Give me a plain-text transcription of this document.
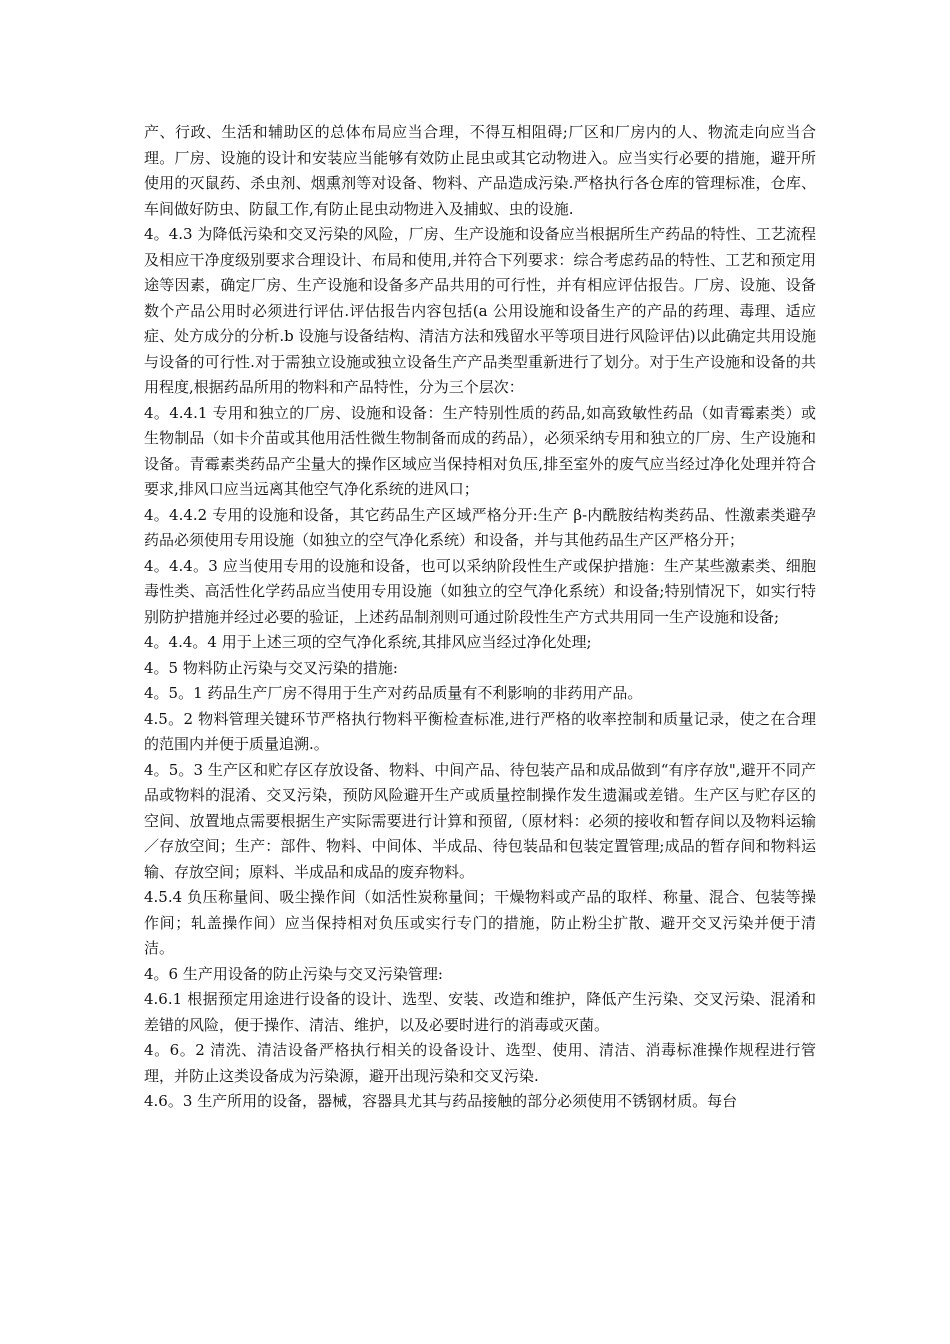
产、行政、生活和辅助区的总体布局应当合理，不得互相阻碍;厂区和厂房内的人、物流走向应当合理。厂房、设施的设计和安装应当能够有效防止昆虫或其它动物进入。应当实行必要的措施，避开所使用的灭鼠药、杀虫剂、烟熏剂等对设备、物料、产品造成污染.严格执行各仓库的管理标准，仓库、车间做好防虫、防鼠工作,有防止昆虫动物进入及捕蚁、虫的设施.

4。4.3 为降低污染和交叉污染的风险，厂房、生产设施和设备应当根据所生产药品的特性、工艺流程及相应干净度级别要求合理设计、布局和使用,并符合下列要求：综合考虑药品的特性、工艺和预定用途等因素，确定厂房、生产设施和设备多产品共用的可行性，并有相应评估报告。厂房、设施、设备数个产品公用时必须进行评估.评估报告内容包括(a 公用设施和设备生产的产品的药理、毒理、适应症、处方成分的分析.b 设施与设备结构、清洁方法和残留水平等项目进行风险评估)以此确定共用设施与设备的可行性.对于需独立设施或独立设备生产产品类型重新进行了划分。对于生产设施和设备的共用程度,根据药品所用的物料和产品特性，分为三个层次：

4。4.4.1 专用和独立的厂房、设施和设备：生产特别性质的药品,如高致敏性药品（如青霉素类）或生物制品（如卡介苗或其他用活性微生物制备而成的药品），必须采纳专用和独立的厂房、生产设施和设备。青霉素类药品产尘量大的操作区域应当保持相对负压,排至室外的废气应当经过净化处理并符合要求,排风口应当远离其他空气净化系统的进风口；

4。4.4.2 专用的设施和设备，其它药品生产区域严格分开:生产 β-内酰胺结构类药品、性激素类避孕药品必须使用专用设施（如独立的空气净化系统）和设备，并与其他药品生产区严格分开；

4。4.4。3 应当使用专用的设施和设备，也可以采纳阶段性生产或保护措施：生产某些激素类、细胞毒性类、高活性化学药品应当使用专用设施（如独立的空气净化系统）和设备;特别情况下，如实行特别防护措施并经过必要的验证，上述药品制剂则可通过阶段性生产方式共用同一生产设施和设备;

4。4.4。4 用于上述三项的空气净化系统,其排风应当经过净化处理;

4。5 物料防止污染与交叉污染的措施:

4。5。1 药品生产厂房不得用于生产对药品质量有不利影响的非药用产品。

4.5。2 物料管理关键环节严格执行物料平衡检查标准,进行严格的收率控制和质量记录，使之在合理的范围内并便于质量追溯.。

4。5。3 生产区和贮存区存放设备、物料、中间产品、待包装产品和成品做到“有序存放",避开不同产品或物料的混淆、交叉污染，预防风险避开生产或质量控制操作发生遗漏或差错。生产区与贮存区的空间、放置地点需要根据生产实际需要进行计算和预留,（原材料：必须的接收和暂存间以及物料运输／存放空间；生产：部件、物料、中间体、半成品、待包装品和包装定置管理;成品的暂存间和物料运输、存放空间；原料、半成品和成品的废弃物料。

4.5.4 负压称量间、吸尘操作间（如活性炭称量间；干燥物料或产品的取样、称量、混合、包装等操作间；轧盖操作间）应当保持相对负压或实行专门的措施，防止粉尘扩散、避开交叉污染并便于清洁。

4。6 生产用设备的防止污染与交叉污染管理:

4.6.1 根据预定用途进行设备的设计、选型、安装、改造和维护，降低产生污染、交叉污染、混淆和差错的风险，便于操作、清洁、维护，以及必要时进行的消毒或灭菌。

4。6。2 清洗、清洁设备严格执行相关的设备设计、选型、使用、清洁、消毒标准操作规程进行管理，并防止这类设备成为污染源，避开出现污染和交叉污染.

4.6。3 生产所用的设备，器械，容器具尤其与药品接触的部分必须使用不锈钢材质。每台
